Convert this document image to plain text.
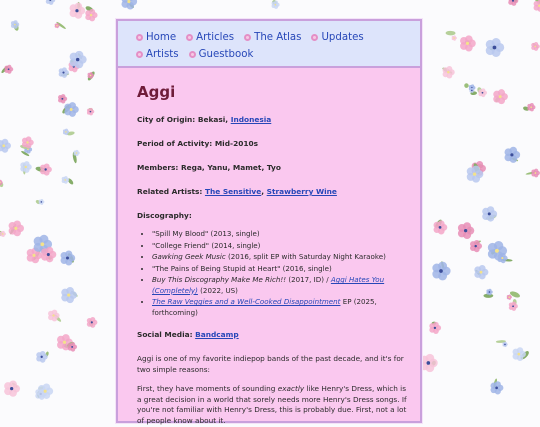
Home Articles The Atlas Updates
Artists Guestbook
Aggi

City of Origin: Bekasi, Indonesia

Period of Activity: Mid-2010s

Members: Rega, Yanu, Mamet, Tyo

Related Artists: The Sensitive, Strawberry Wine

Discography:

• "Spill My Blood" (2013, single)
• "College Friend" (2014, single)
• Gawking Geek Music (2016, split EP with Saturday Night Karaoke)
• "The Pains of Being Stupid at Heart" (2016, single)
• Buy This Discography Make Me Rich!! (2017, ID) / Aggi Hates You (Completely) (2022, US)
• The Raw Veggies and a Well-Cooked Disappointment EP (2025, forthcoming)

Social Media: Bandcamp

Aggi is one of my favorite indiepop bands of the past decade, and it's for two simple reasons:

First, they have moments of sounding exactly like Henry's Dress, which is a great decision in a world that sorely needs more Henry's Dress songs. If you're not familiar with Henry's Dress, this is probably due. First, not a lot of people know about it.
